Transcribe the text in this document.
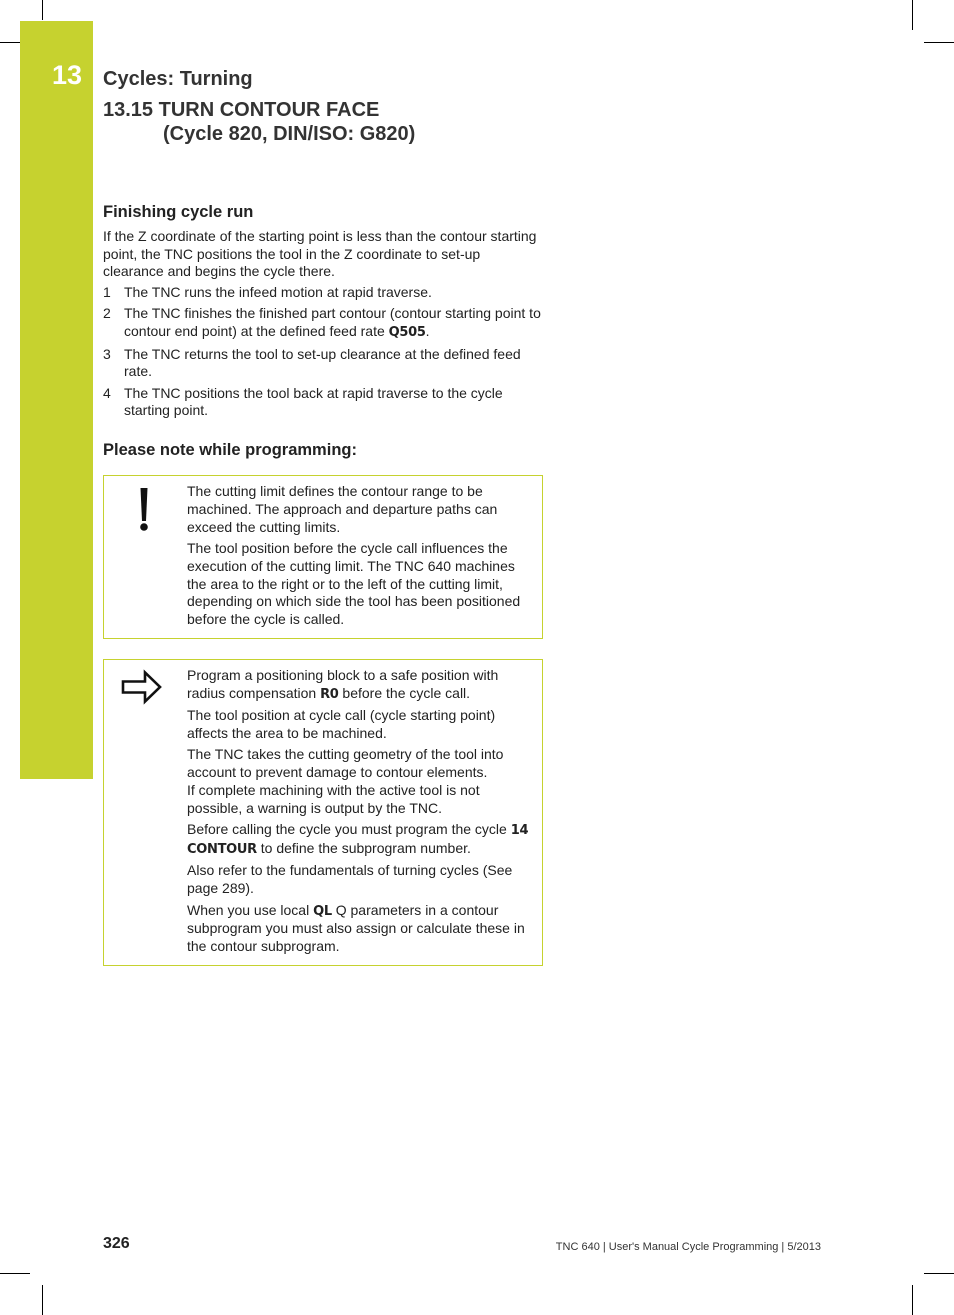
13 Cycles: Turning
13.15 TURN CONTOUR FACE
(Cycle 820, DIN/ISO: G820)
Finishing cycle run

If the Z coordinate of the starting point is less than the contour starting point, the TNC positions the tool in the Z coordinate to set-up clearance and begins the cycle there.

1 The TNC runs the infeed motion at rapid traverse.
2 The TNC finishes the finished part contour (contour starting point to contour end point) at the defined feed rate Q505.
3 The TNC returns the tool to set-up clearance at the defined feed rate.
4 The TNC positions the tool back at rapid traverse to the cycle starting point.
Please note while programming:

The cutting limit defines the contour range to be machined. The approach and departure paths can exceed the cutting limits.

The tool position before the cycle call influences the execution of the cutting limit. The TNC 640 machines the area to the right or to the left of the cutting limit, depending on which side the tool has been positioned before the cycle is called.

Program a positioning block to a safe position with radius compensation R0 before the cycle call.

The tool position at cycle call (cycle starting point) affects the area to be machined.

The TNC takes the cutting geometry of the tool into account to prevent damage to contour elements.
If complete machining with the active tool is not possible, a warning is output by the TNC.

Before calling the cycle you must program the cycle 14 CONTOUR to define the subprogram number.

Also refer to the fundamentals of turning cycles (See page 289).

When you use local QL Q parameters in a contour subprogram you must also assign or calculate these in the contour subprogram.

326	TNC 640 | User's Manual Cycle Programming | 5/2013
